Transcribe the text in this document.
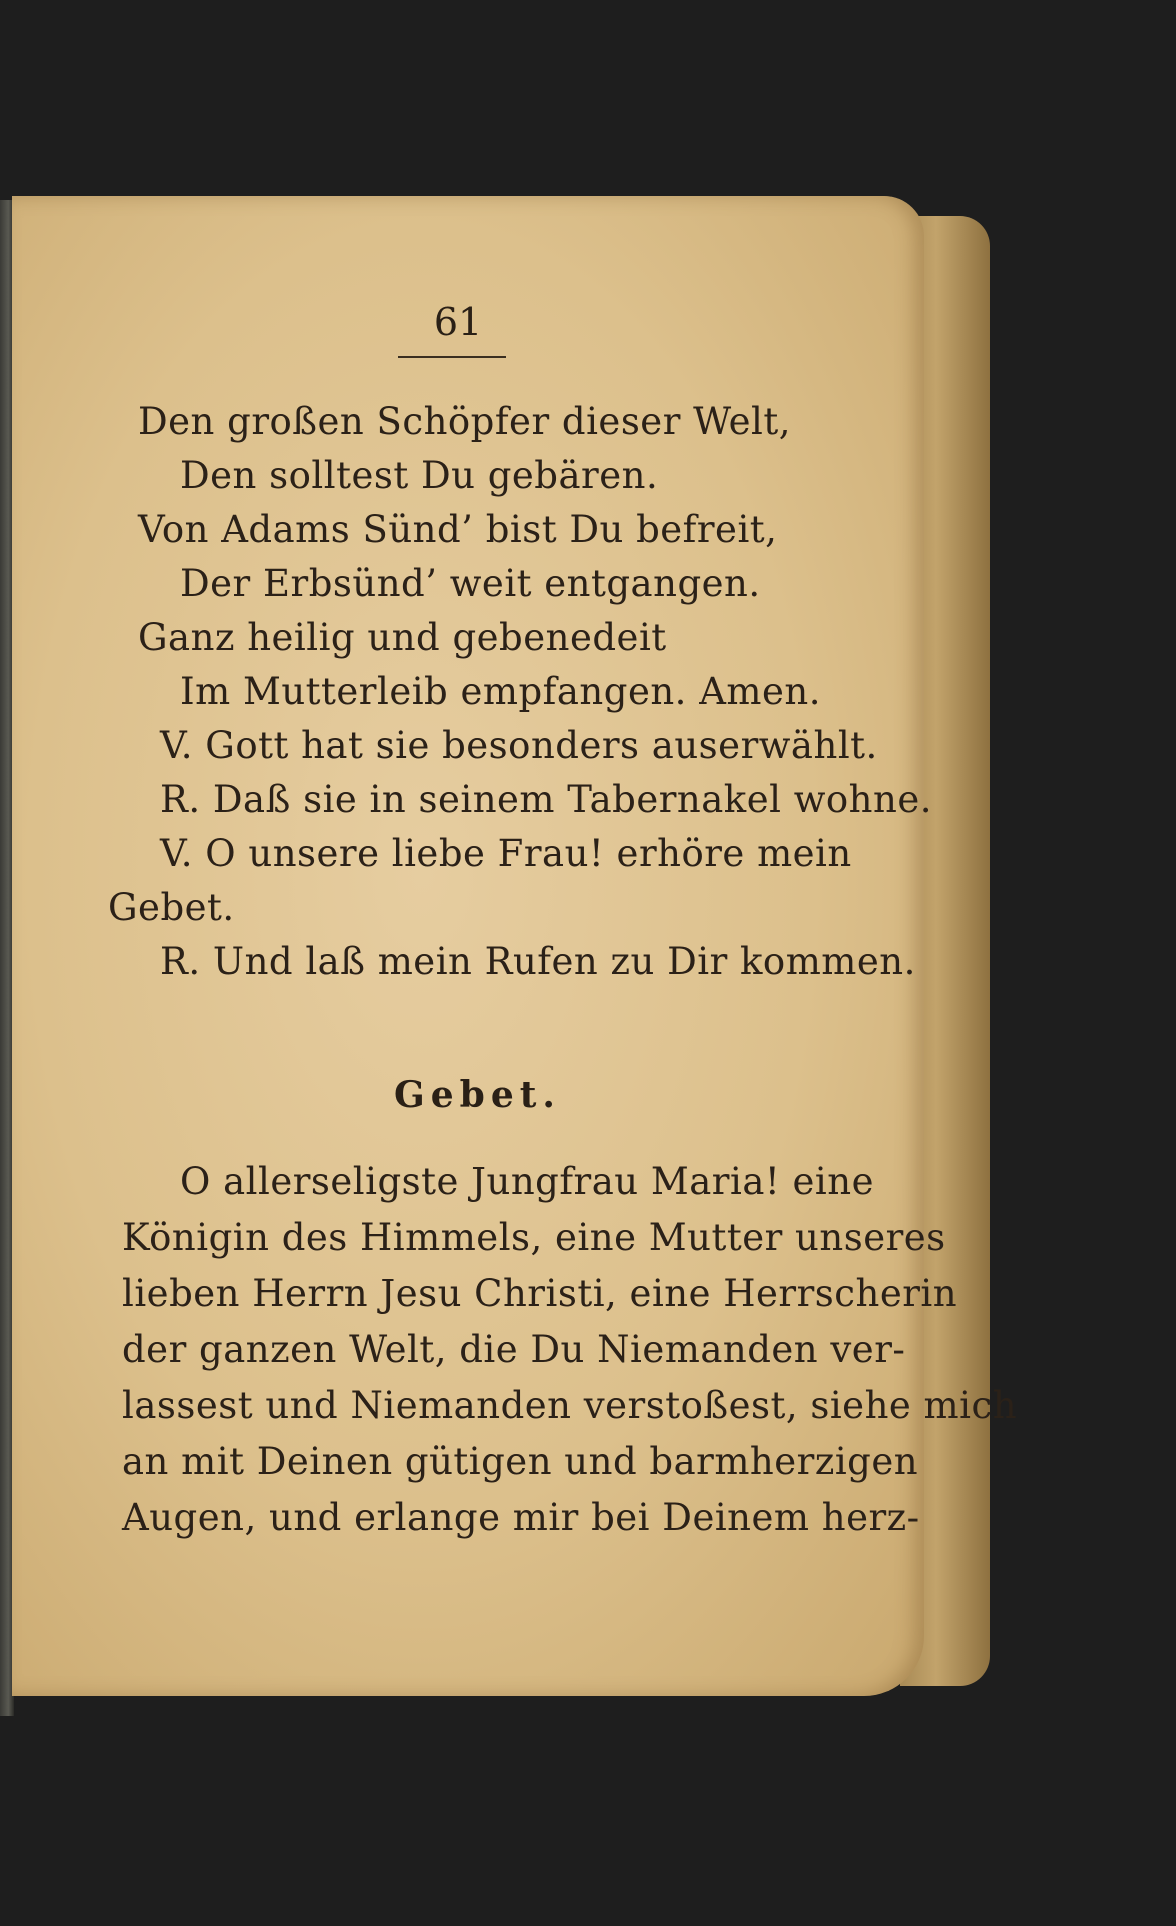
61
Den großen Schöpfer dieser Welt,
Den solltest Du gebären.
Von Adams Sünd’ bist Du befreit,
Der Erbsünd’ weit entgangen.
Ganz heilig und gebenedeit
Im Mutterleib empfangen. Amen.
V. Gott hat sie besonders auserwählt.
R. Daß sie in seinem Tabernakel wohne.
V. O unsere liebe Frau! erhöre mein
Gebet.
R. Und laß mein Rufen zu Dir kommen.
Gebet.
O allerseligste Jungfrau Maria! eine
Königin des Himmels, eine Mutter unseres
lieben Herrn Jesu Christi, eine Herrscherin
der ganzen Welt, die Du Niemanden ver-
lassest und Niemanden verstoßest, siehe mich
an mit Deinen gütigen und barmherzigen
Augen, und erlange mir bei Deinem herz-
